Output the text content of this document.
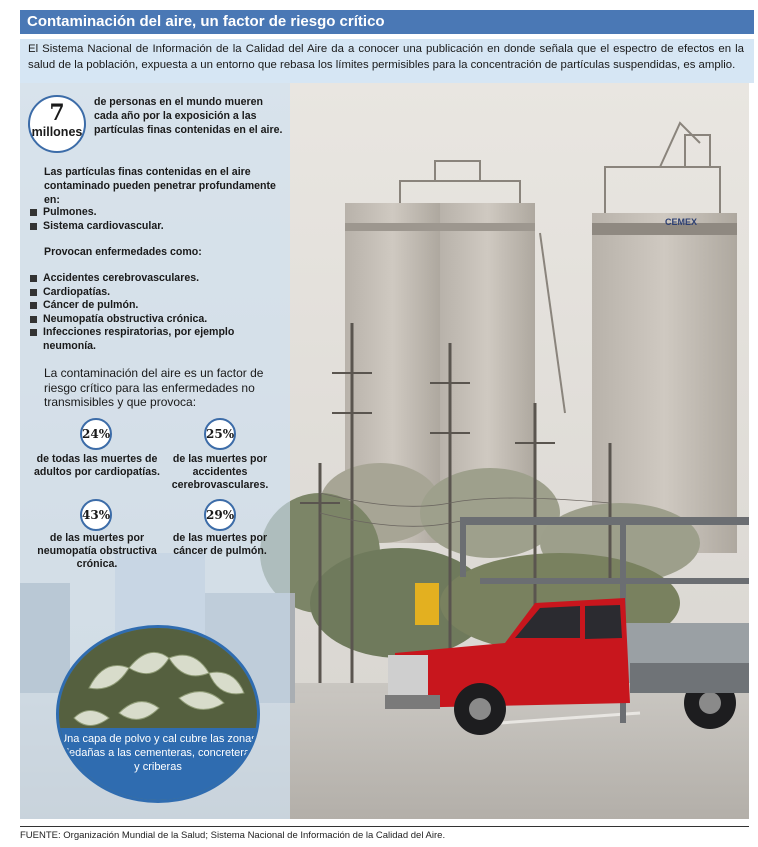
Contaminación del aire, un factor de riesgo crítico
El Sistema Nacional de Información de la Calidad del Aire da a conocer una publicación en donde señala que el espectro de efectos en la salud de la población, expuesta a un entorno que rebasa los límites permisibles para la concentración de partículas suspendidas, es amplio.
CEMEX
7
millones
de personas en el mundo mueren cada año por la exposición a las partículas finas contenidas en el aire.
Las partículas finas contenidas en el aire contaminado pueden penetrar profundamente en:
Pulmones.
Sistema cardiovascular.
Provocan enfermedades como:
Accidentes cerebrovasculares.
Cardiopatías.
Cáncer de pulmón.
Neumopatía obstructiva crónica.
Infecciones respiratorias, por ejemplo neumonía.
La contaminación del aire es un factor de riesgo crítico para las enfermedades no transmisibles y que provoca:
24%
de todas las muertes de adultos por cardiopatías.
25%
de las muertes por accidentes cerebrovasculares.
43%
de las muertes por neumopatía obstructiva crónica.
29%
de las muertes por cáncer de pulmón.
Una capa de polvo y cal cubre las zonas aledañas a las cementeras, concreteras y criberas
FUENTE: Organización Mundial de la Salud; Sistema Nacional de Información de la Calidad del Aire.
